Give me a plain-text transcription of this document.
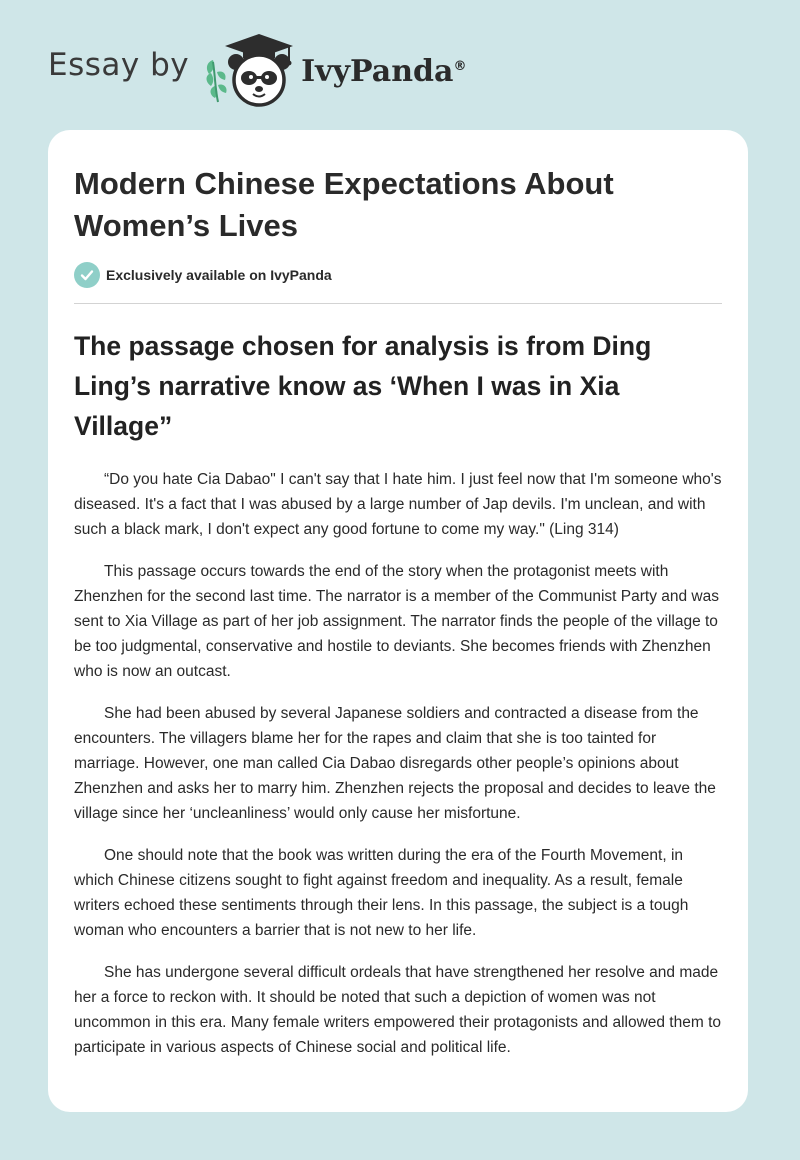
Essay by	IvyPanda®
Modern Chinese Expectations About Women’s Lives
Exclusively available on IvyPanda
The passage chosen for analysis is from Ding Ling’s narrative know as ‘When I was in Xia Village”

“Do you hate Cia Dabao" I can't say that I hate him. I just feel now that I'm someone who's diseased. It's a fact that I was abused by a large number of Jap devils. I'm unclean, and with such a black mark, I don't expect any good fortune to come my way." (Ling 314)

This passage occurs towards the end of the story when the protagonist meets with Zhenzhen for the second last time. The narrator is a member of the Communist Party and was sent to Xia Village as part of her job assignment. The narrator finds the people of the village to be too judgmental, conservative and hostile to deviants. She becomes friends with Zhenzhen who is now an outcast.

She had been abused by several Japanese soldiers and contracted a disease from the encounters. The villagers blame her for the rapes and claim that she is too tainted for marriage. However, one man called Cia Dabao disregards other people’s opinions about Zhenzhen and asks her to marry him. Zhenzhen rejects the proposal and decides to leave the village since her ‘uncleanliness’ would only cause her misfortune.

One should note that the book was written during the era of the Fourth Movement, in which Chinese citizens sought to fight against freedom and inequality. As a result, female writers echoed these sentiments through their lens. In this passage, the subject is a tough woman who encounters a barrier that is not new to her life.

She has undergone several difficult ordeals that have strengthened her resolve and made her a force to reckon with. It should be noted that such a depiction of women was not uncommon in this era. Many female writers empowered their protagonists and allowed them to participate in various aspects of Chinese social and political life.
